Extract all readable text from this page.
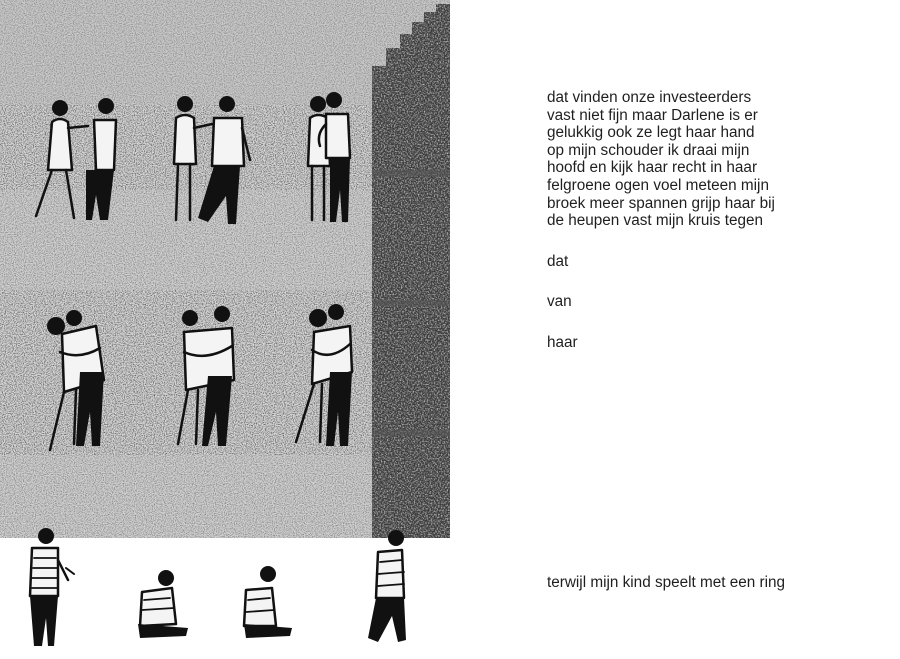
dat vinden onze investeerders
vast niet fijn maar Darlene is er
gelukkig ook ze legt haar hand
op mijn schouder ik draai mijn
hoofd en kijk haar recht in haar
felgroene ogen voel meteen mijn
broek meer spannen grijp haar bij
de heupen vast mijn kruis tegen
dat
van
haar
terwijl mijn kind speelt met een ring
